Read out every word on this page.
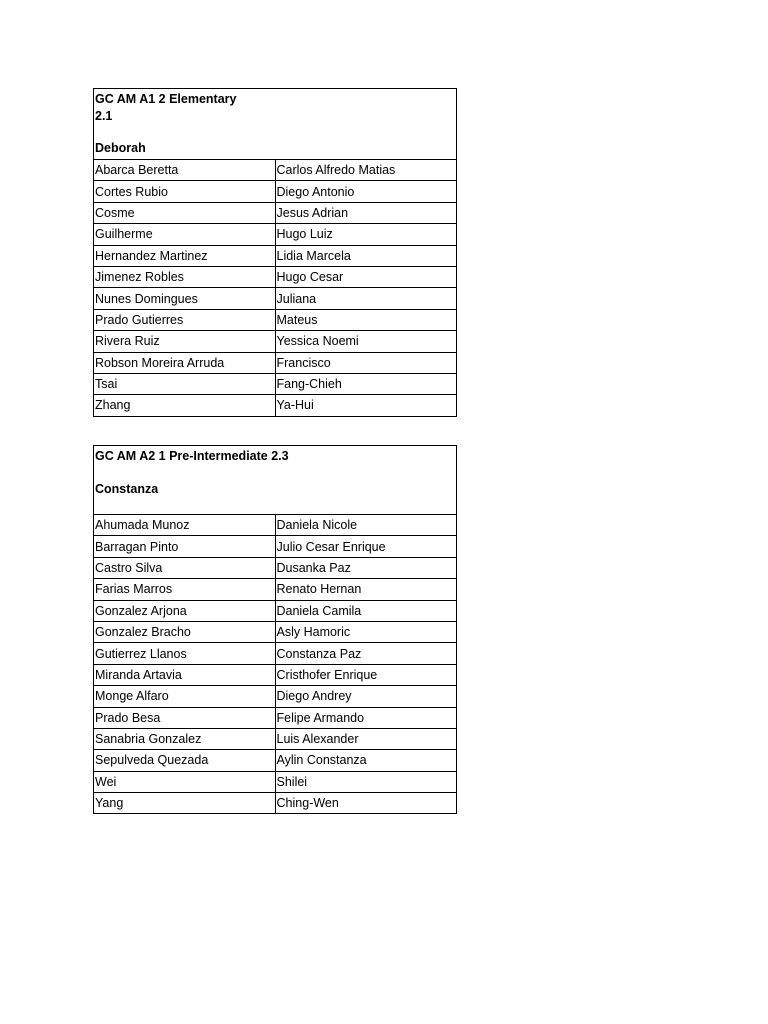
GC AM A1 2 Elementary 2.1
Deborah	

Abarca Beretta	Carlos Alfredo Matias
Cortes Rubio	Diego Antonio
Cosme	Jesus Adrian
Guilherme	Hugo Luiz
Hernandez Martinez	Lidia Marcela
Jimenez Robles	Hugo Cesar
Nunes Domingues	Juliana
Prado Gutierres	Mateus
Rivera Ruiz	Yessica Noemi
Robson Moreira Arruda	Francisco
Tsai	Fang-Chieh
Zhang	Ya-Hui
GC AM A2 1 Pre-Intermediate 2.3
Constanza	

Ahumada Munoz	Daniela Nicole
Barragan Pinto	Julio Cesar Enrique
Castro Silva	Dusanka Paz
Farias Marros	Renato Hernan
Gonzalez Arjona	Daniela Camila
Gonzalez Bracho	Asly Hamoric
Gutierrez Llanos	Constanza Paz
Miranda Artavia	Cristhofer Enrique
Monge Alfaro	Diego Andrey
Prado Besa	Felipe Armando
Sanabria Gonzalez	Luis Alexander
Sepulveda Quezada	Aylin Constanza
Wei	Shilei
Yang	Ching-Wen
